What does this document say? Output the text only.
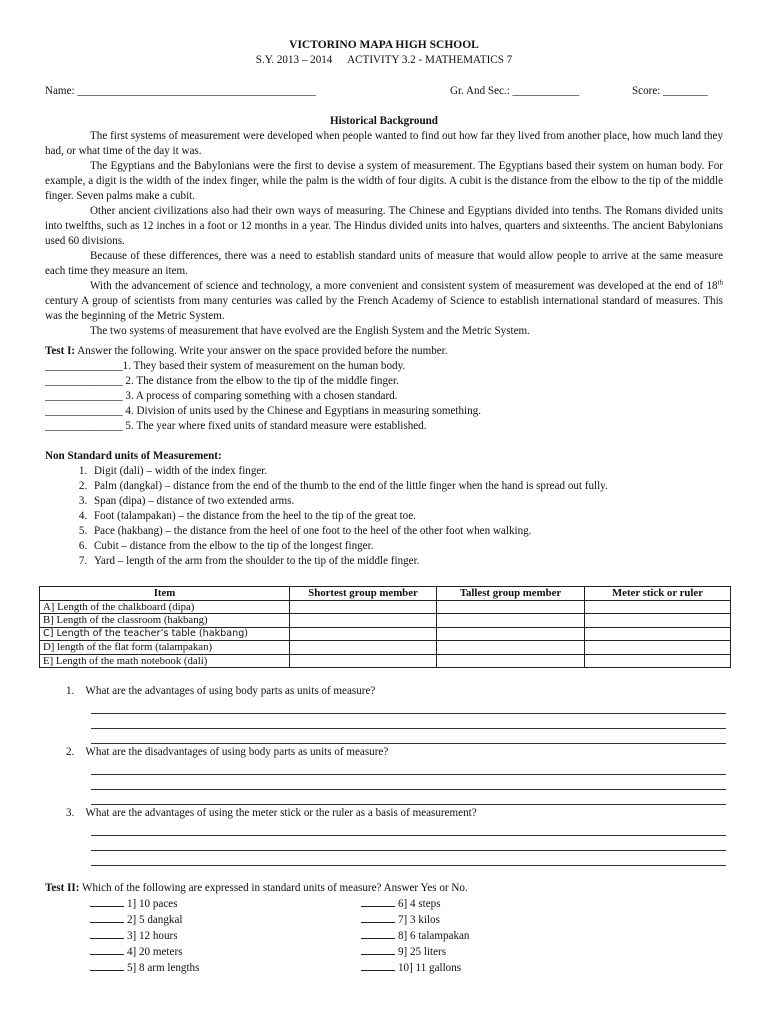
VICTORINO MAPA HIGH SCHOOL
S.Y. 2013 – 2014 ACTIVITY 3.2 - MATHEMATICS 7
Name: ___________________________________________	Gr. And Sec.: ____________	Score: ________
Historical Background

The first systems of measurement were developed when people wanted to find out how far they lived from another place, how much land they had, or what time of the day it was.

The Egyptians and the Babylonians were the first to devise a system of measurement. The Egyptians based their system on human body. For example, a digit is the width of the index finger, while the palm is the width of four digits. A cubit is the distance from the elbow to the tip of the middle finger. Seven palms make a cubit.

Other ancient civilizations also had their own ways of measuring. The Chinese and Egyptians divided into tenths. The Romans divided units into twelfths, such as 12 inches in a foot or 12 months in a year. The Hindus divided units into halves, quarters and sixteenths. The ancient Babylonians used 60 divisions.

Because of these differences, there was a need to establish standard units of measure that would allow people to arrive at the same measure each time they measure an item.

With the advancement of science and technology, a more convenient and consistent system of measurement was developed at the end of 18th century A group of scientists from many centuries was called by the French Academy of Science to establish international standard of measures. This was the beginning of the Metric System.

The two systems of measurement that have evolved are the English System and the Metric System.

Test I: Answer the following. Write your answer on the space provided before the number.
______________1. They based their system of measurement on the human body.
______________ 2. The distance from the elbow to the tip of the middle finger.
______________ 3. A process of comparing something with a chosen standard.
______________ 4. Division of units used by the Chinese and Egyptians in measuring something.
______________ 5. The year where fixed units of standard measure were established.
Non Standard units of Measurement:
1. Digit (dali) – width of the index finger.
2. Palm (dangkal) – distance from the end of the thumb to the end of the little finger when the hand is spread out fully.
3. Span (dipa) – distance of two extended arms.
4. Foot (talampakan) – the distance from the heel to the tip of the great toe.
5. Pace (hakbang) – the distance from the heel of one foot to the heel of the other foot when walking.
6. Cubit – distance from the elbow to the tip of the longest finger.
7. Yard – length of the arm from the shoulder to the tip of the middle finger.
Item	Shortest group member	Tallest group member	Meter stick or ruler
A] Length of the chalkboard (dipa)			
B] Length of the classroom (hakbang)			
C] Length of the teacher’s table (hakbang)			
D] length of the flat form (talampakan)			
E] Length of the math notebook (dali)			
1. What are the advantages of using body parts as units of measure?
2. What are the disadvantages of using body parts as units of measure?
3. What are the advantages of using the meter stick or the ruler as a basis of measurement?
Test II: Which of the following are expressed in standard units of measure? Answer Yes or No.
1] 10 paces
2] 5 dangkal
3] 12 hours
4] 20 meters
5] 8 arm lengths
6] 4 steps
7] 3 kilos
8] 6 talampakan
9] 25 liters
10] 11 gallons
